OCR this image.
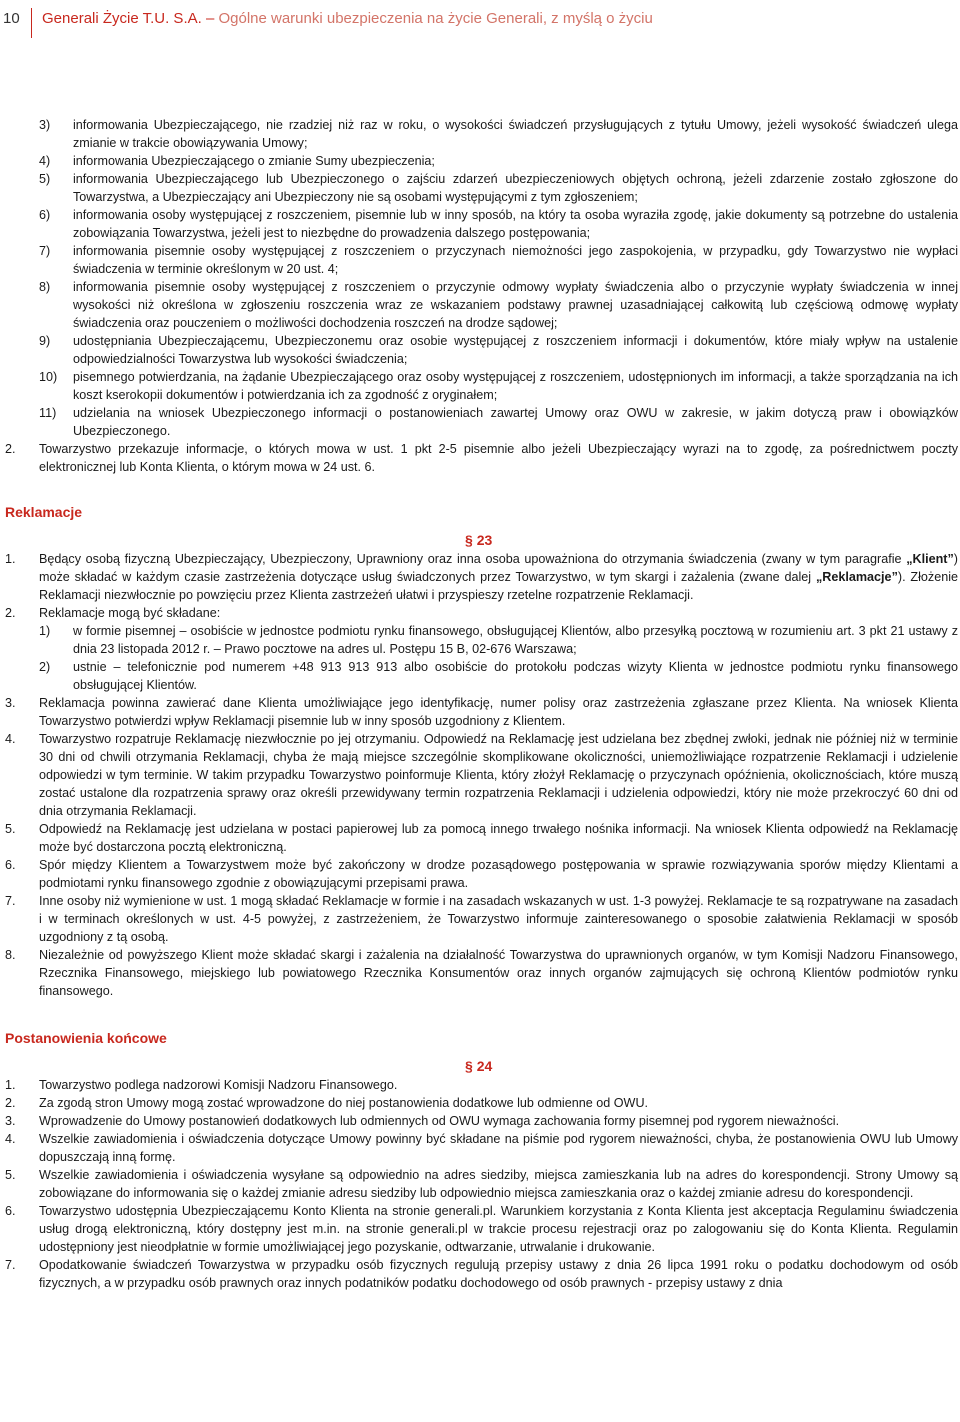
10	Generali Życie T.U. S.A. – Ogólne warunki ubezpieczenia na życie Generali, z myślą o życiu
3)	informowania Ubezpieczającego, nie rzadziej niż raz w roku, o wysokości świadczeń przysługujących z tytułu Umowy, jeżeli wysokość świadczeń ulega zmianie w trakcie obowiązywania Umowy;
4)	informowania Ubezpieczającego o zmianie Sumy ubezpieczenia;
5)	informowania Ubezpieczającego lub Ubezpieczonego o zajściu zdarzeń ubezpieczeniowych objętych ochroną, jeżeli zdarzenie zostało zgłoszone do Towarzystwa, a Ubezpieczający ani Ubezpieczony nie są osobami występującymi z tym zgłoszeniem;
6)	informowania osoby występującej z roszczeniem, pisemnie lub w inny sposób, na który ta osoba wyraziła zgodę, jakie dokumenty są potrzebne do ustalenia zobowiązania Towarzystwa, jeżeli jest to niezbędne do prowadzenia dalszego postępowania;
7)	informowania pisemnie osoby występującej z roszczeniem o przyczynach niemożności jego zaspokojenia, w przypadku, gdy Towarzystwo nie wypłaci świadczenia w terminie określonym w 20 ust. 4;
8)	informowania pisemnie osoby występującej z roszczeniem o przyczynie odmowy wypłaty świadczenia albo o przyczynie wypłaty świadczenia w innej wysokości niż określona w zgłoszeniu roszczenia wraz ze wskazaniem podstawy prawnej uzasadniającej całkowitą lub częściową odmowę wypłaty świadczenia oraz pouczeniem o możliwości dochodzenia roszczeń na drodze sądowej;
9)	udostępniania Ubezpieczającemu, Ubezpieczonemu oraz osobie występującej z roszczeniem informacji i dokumentów, które miały wpływ na ustalenie odpowiedzialności Towarzystwa lub wysokości świadczenia;
10)	pisemnego potwierdzania, na żądanie Ubezpieczającego oraz osoby występującej z roszczeniem, udostępnionych im informacji, a także sporządzania na ich koszt kserokopii dokumentów i potwierdzania ich za zgodność z oryginałem;
11)	udzielania na wniosek Ubezpieczonego informacji o postanowieniach zawartej Umowy oraz OWU w zakresie, w jakim dotyczą praw i obowiązków Ubezpieczonego.
2.	Towarzystwo przekazuje informacje, o których mowa w ust. 1 pkt 2-5 pisemnie albo jeżeli Ubezpieczający wyrazi na to zgodę, za pośrednictwem poczty elektronicznej lub Konta Klienta, o którym mowa w 24 ust. 6.
Reklamacje
§ 23
1.	Będący osobą fizyczną Ubezpieczający, Ubezpieczony, Uprawniony oraz inna osoba upoważniona do otrzymania świadczenia (zwany w tym paragrafie „Klient”) może składać w każdym czasie zastrzeżenia dotyczące usług świadczonych przez Towarzystwo, w tym skargi i zażalenia (zwane dalej „Reklamacje”). Złożenie Reklamacji niezwłocznie po powzięciu przez Klienta zastrzeżeń ułatwi i przyspieszy rzetelne rozpatrzenie Reklamacji.
2.	Reklamacje mogą być składane:
1)	w formie pisemnej – osobiście w jednostce podmiotu rynku finansowego, obsługującej Klientów, albo przesyłką pocztową w rozumieniu art. 3 pkt 21 ustawy z dnia 23 listopada 2012 r. – Prawo pocztowe na adres ul. Postępu 15 B, 02-676 Warszawa;
2)	ustnie – telefonicznie pod numerem +48 913 913 913 albo osobiście do protokołu podczas wizyty Klienta w jednostce podmiotu rynku finansowego obsługującej Klientów.
3.	Reklamacja powinna zawierać dane Klienta umożliwiające jego identyfikację, numer polisy oraz zastrzeżenia zgłaszane przez Klienta. Na wniosek Klienta Towarzystwo potwierdzi wpływ Reklamacji pisemnie lub w inny sposób uzgodniony z Klientem.
4.	Towarzystwo rozpatruje Reklamację niezwłocznie po jej otrzymaniu. Odpowiedź na Reklamację jest udzielana bez zbędnej zwłoki, jednak nie później niż w terminie 30 dni od chwili otrzymania Reklamacji, chyba że mają miejsce szczególnie skomplikowane okoliczności, uniemożliwiające rozpatrzenie Reklamacji i udzielenie odpowiedzi w tym terminie. W takim przypadku Towarzystwo poinformuje Klienta, który złożył Reklamację o przyczynach opóźnienia, okolicznościach, które muszą zostać ustalone dla rozpatrzenia sprawy oraz określi przewidywany termin rozpatrzenia Reklamacji i udzielenia odpowiedzi, który nie może przekroczyć 60 dni od dnia otrzymania Reklamacji.
5.	Odpowiedź na Reklamację jest udzielana w postaci papierowej lub za pomocą innego trwałego nośnika informacji. Na wniosek Klienta odpowiedź na Reklamację może być dostarczona pocztą elektroniczną.
6.	Spór między Klientem a Towarzystwem może być zakończony w drodze pozasądowego postępowania w sprawie rozwiązywania sporów między Klientami a podmiotami rynku finansowego zgodnie z obowiązującymi przepisami prawa.
7.	Inne osoby niż wymienione w ust. 1 mogą składać Reklamacje w formie i na zasadach wskazanych w ust. 1-3 powyżej. Reklamacje te są rozpatrywane na zasadach i w terminach określonych w ust. 4-5 powyżej, z zastrzeżeniem, że Towarzystwo informuje zainteresowanego o sposobie załatwienia Reklamacji w sposób uzgodniony z tą osobą.
8.	Niezależnie od powyższego Klient może składać skargi i zażalenia na działalność Towarzystwa do uprawnionych organów, w tym Komisji Nadzoru Finansowego, Rzecznika Finansowego, miejskiego lub powiatowego Rzecznika Konsumentów oraz innych organów zajmujących się ochroną Klientów podmiotów rynku finansowego.
Postanowienia końcowe
§ 24
1.	Towarzystwo podlega nadzorowi Komisji Nadzoru Finansowego.
2.	Za zgodą stron Umowy mogą zostać wprowadzone do niej postanowienia dodatkowe lub odmienne od OWU.
3.	Wprowadzenie do Umowy postanowień dodatkowych lub odmiennych od OWU wymaga zachowania formy pisemnej pod rygorem nieważności.
4.	Wszelkie zawiadomienia i oświadczenia dotyczące Umowy powinny być składane na piśmie pod rygorem nieważności, chyba, że postanowienia OWU lub Umowy dopuszczają inną formę.
5.	Wszelkie zawiadomienia i oświadczenia wysyłane są odpowiednio na adres siedziby, miejsca zamieszkania lub na adres do korespondencji. Strony Umowy są zobowiązane do informowania się o każdej zmianie adresu siedziby lub odpowiednio miejsca zamieszkania oraz o każdej zmianie adresu do korespondencji.
6.	Towarzystwo udostępnia Ubezpieczającemu Konto Klienta na stronie generali.pl. Warunkiem korzystania z Konta Klienta jest akceptacja Regulaminu świadczenia usług drogą elektroniczną, który dostępny jest m.in. na stronie generali.pl w trakcie procesu rejestracji oraz po zalogowaniu się do Konta Klienta. Regulamin udostępniony jest nieodpłatnie w formie umożliwiającej jego pozyskanie, odtwarzanie, utrwalanie i drukowanie.
7.	Opodatkowanie świadczeń Towarzystwa w przypadku osób fizycznych regulują przepisy ustawy z dnia 26 lipca 1991 roku o podatku dochodowym od osób fizycznych, a w przypadku osób prawnych oraz innych podatników podatku dochodowego od osób prawnych - przepisy ustawy z dnia
